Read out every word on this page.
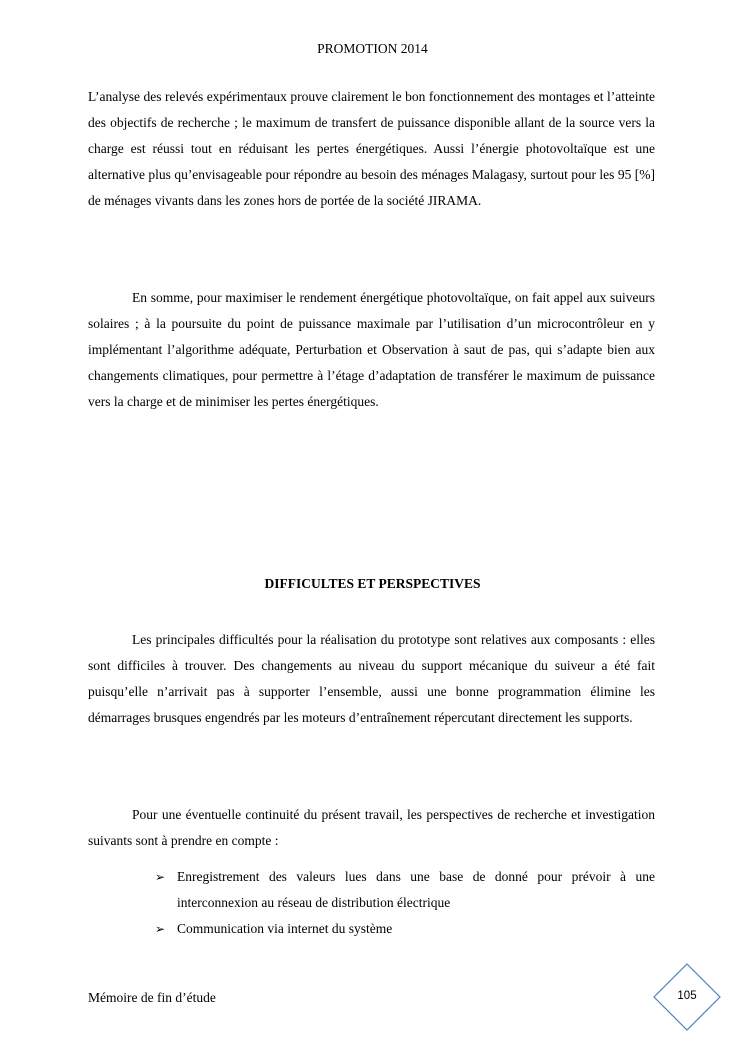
PROMOTION 2014

L’analyse des relevés expérimentaux prouve clairement le bon fonctionnement des montages et l’atteinte des objectifs de recherche ; le maximum de transfert de puissance disponible allant de la source vers la charge est réussi tout en réduisant les pertes énergétiques. Aussi l’énergie photovoltaïque est une alternative plus qu’envisageable pour répondre au besoin des ménages Malagasy, surtout pour les 95 [%] de ménages vivants dans les zones hors de portée de la société JIRAMA.

En somme, pour maximiser le rendement énergétique photovoltaïque, on fait appel aux suiveurs solaires ; à la poursuite du point de puissance maximale par l’utilisation d’un microcontrôleur en y implémentant l’algorithme adéquate, Perturbation et Observation à saut de pas, qui s’adapte bien aux changements climatiques, pour permettre à l’étage d’adaptation de transférer le maximum de puissance vers la charge et de minimiser les pertes énergétiques.

DIFFICULTES ET PERSPECTIVES

Les principales difficultés pour la réalisation du prototype sont relatives aux composants : elles sont difficiles à trouver. Des changements au niveau du support mécanique du suiveur a été fait puisqu’elle n’arrivait pas à supporter l’ensemble, aussi une bonne programmation élimine les démarrages brusques engendrés par les moteurs d’entraînement répercutant directement les supports.

Pour une éventuelle continuité du présent travail, les perspectives de recherche et investigation suivants sont à prendre en compte :

➢ Enregistrement des valeurs lues dans une base de donné pour prévoir à une interconnexion au réseau de distribution électrique
➢ Communication via internet du système
Mémoire de fin d’étude	105
